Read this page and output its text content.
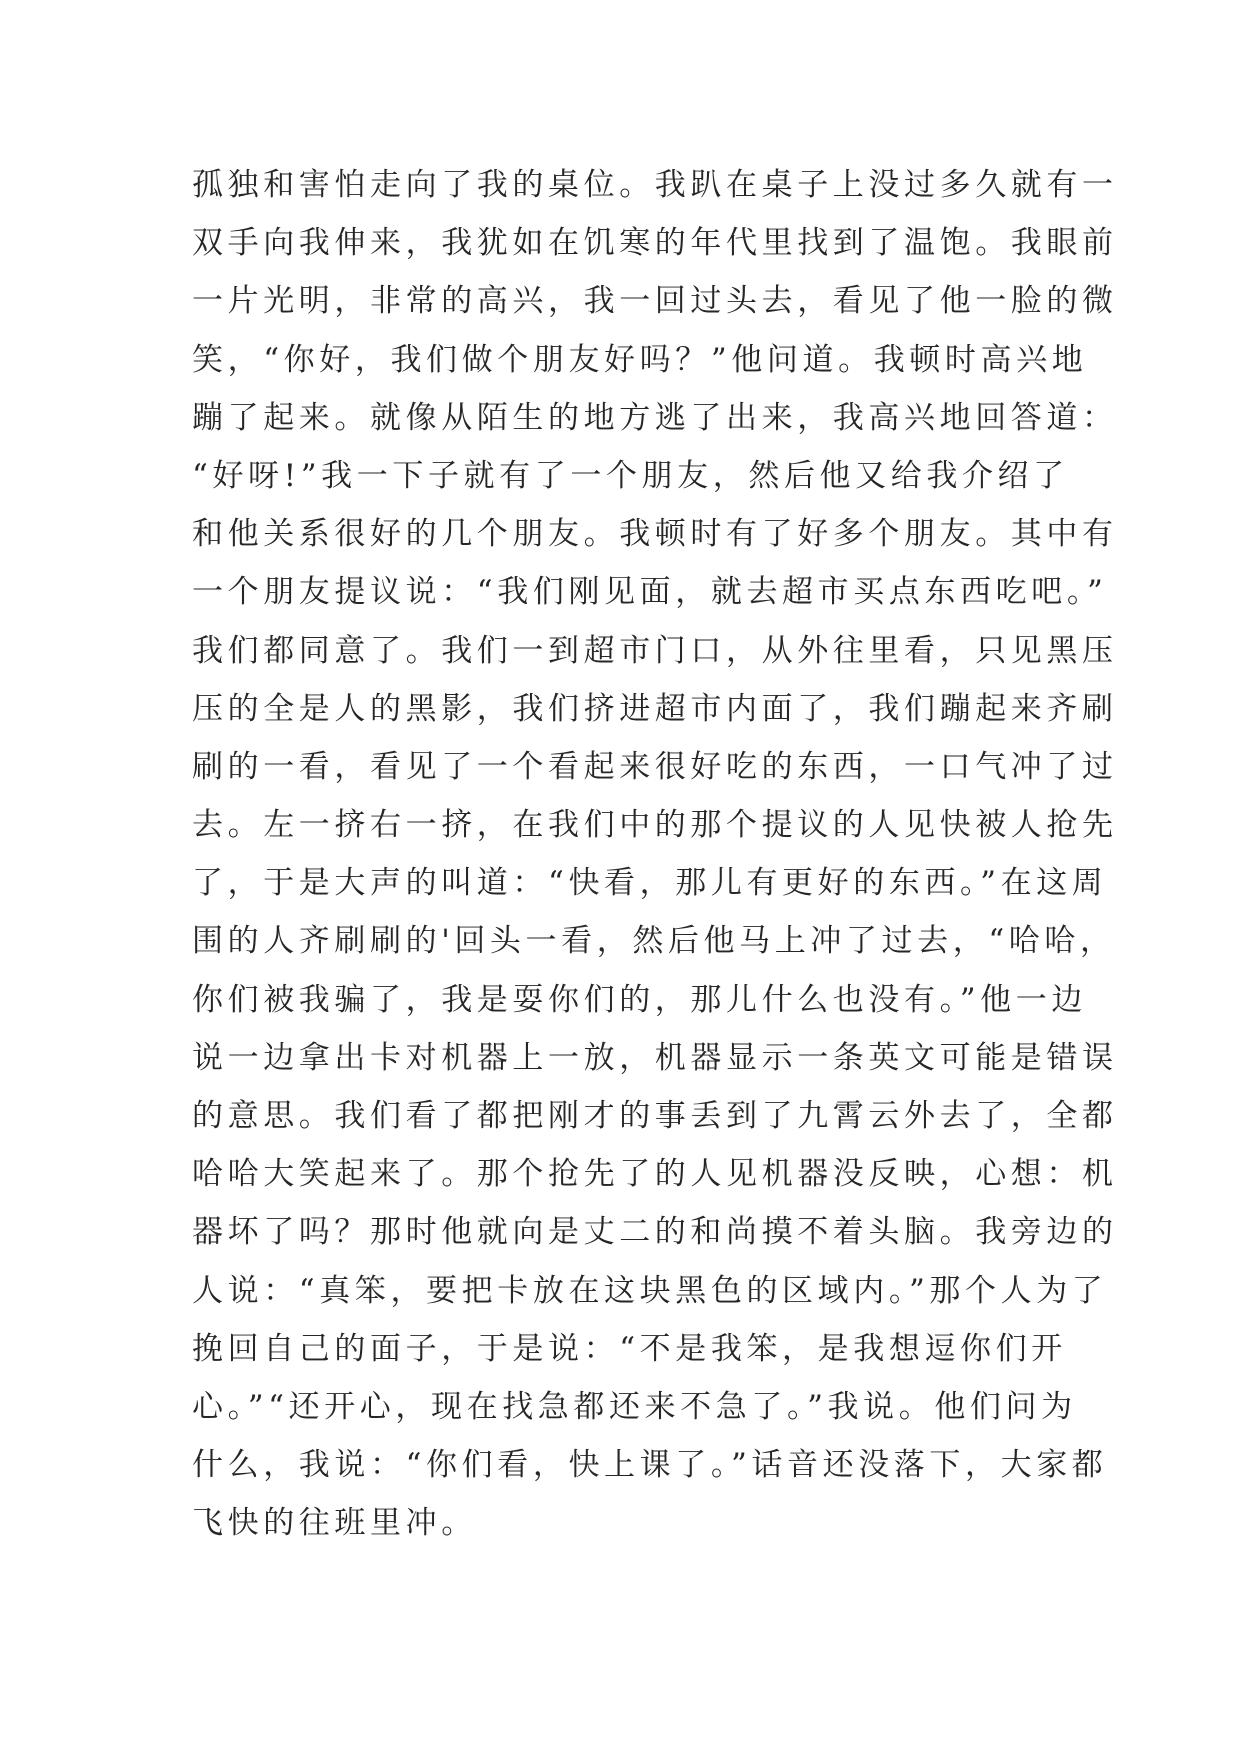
孤独和害怕走向了我的桌位。我趴在桌子上没过多久就有一
双手向我伸来，我犹如在饥寒的年代里找到了温饱。我眼前
一片光明，非常的高兴，我一回过头去，看见了他一脸的微
笑，“你好，我们做个朋友好吗？”他问道。我顿时高兴地
蹦了起来。就像从陌生的地方逃了出来，我高兴地回答道：
“好呀!”我一下子就有了一个朋友，然后他又给我介绍了
和他关系很好的几个朋友。我顿时有了好多个朋友。其中有
一个朋友提议说：“我们刚见面，就去超市买点东西吃吧。”
我们都同意了。我们一到超市门口，从外往里看，只见黑压
压的全是人的黑影，我们挤进超市内面了，我们蹦起来齐刷
刷的一看，看见了一个看起来很好吃的东西，一口气冲了过
去。左一挤右一挤，在我们中的那个提议的人见快被人抢先
了，于是大声的叫道：“快看，那儿有更好的东西。”在这周
围的人齐刷刷的'回头一看，然后他马上冲了过去，“哈哈，
你们被我骗了，我是耍你们的，那儿什么也没有。”他一边
说一边拿出卡对机器上一放，机器显示一条英文可能是错误
的意思。我们看了都把刚才的事丢到了九霄云外去了，全都
哈哈大笑起来了。那个抢先了的人见机器没反映，心想：机
器坏了吗？那时他就向是丈二的和尚摸不着头脑。我旁边的
人说：“真笨，要把卡放在这块黑色的区域内。”那个人为了
挽回自己的面子，于是说：“不是我笨，是我想逗你们开
心。”“还开心，现在找急都还来不急了。”我说。他们问为
什么，我说：“你们看，快上课了。”话音还没落下，大家都
飞快的往班里冲。
